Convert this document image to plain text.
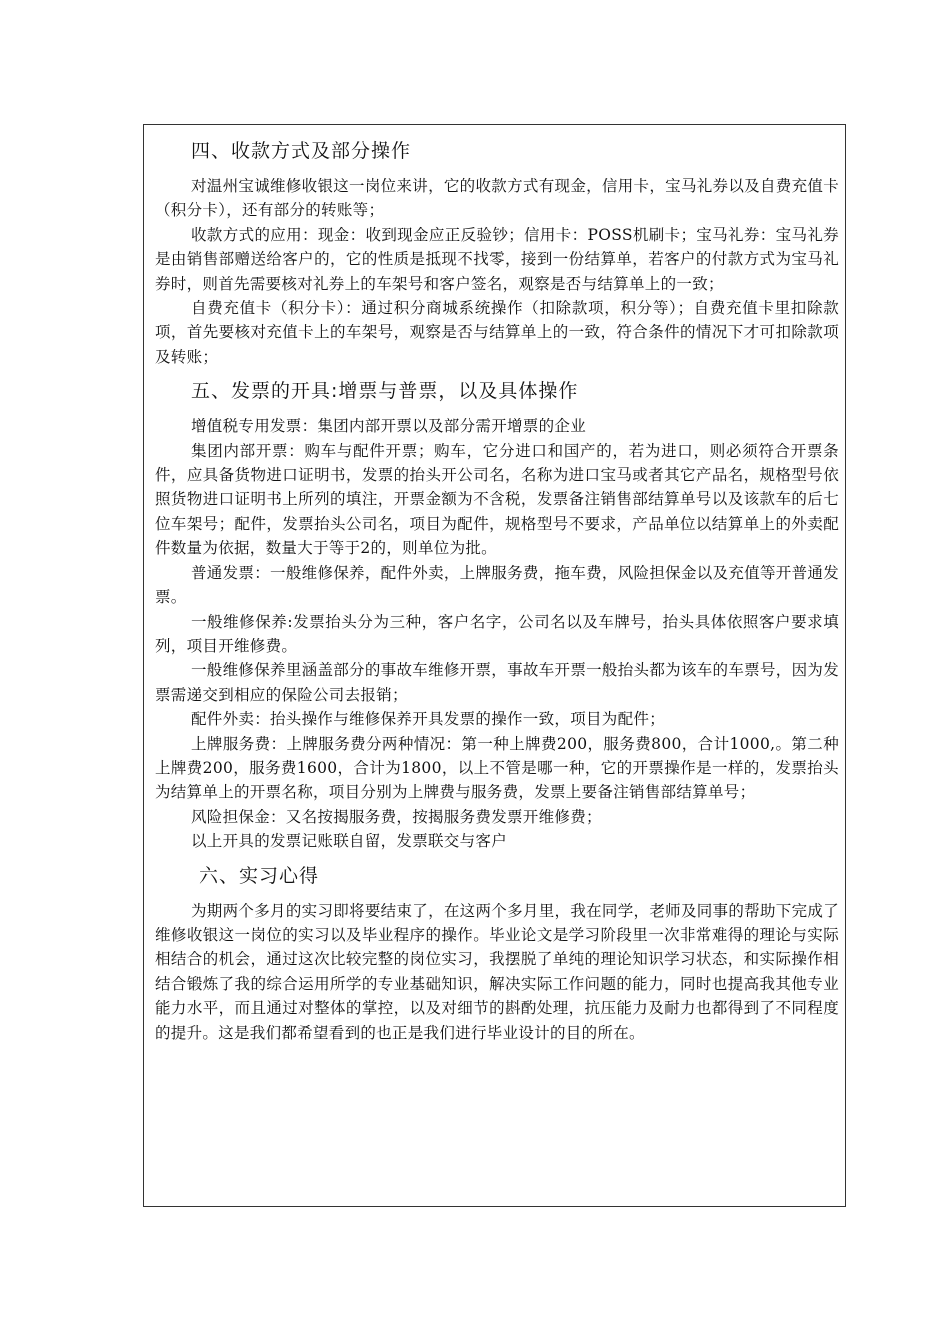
四、收款方式及部分操作

对温州宝诚维修收银这一岗位来讲，它的收款方式有现金，信用卡，宝马礼券以及自费充值卡（积分卡），还有部分的转账等；

收款方式的应用：现金：收到现金应正反验钞；信用卡：POSS机刷卡；宝马礼券：宝马礼券是由销售部赠送给客户的，它的性质是抵现不找零，接到一份结算单，若客户的付款方式为宝马礼券时，则首先需要核对礼券上的车架号和客户签名，观察是否与结算单上的一致；

自费充值卡（积分卡）：通过积分商城系统操作（扣除款项，积分等）；自费充值卡里扣除款项，首先要核对充值卡上的车架号，观察是否与结算单上的一致，符合条件的情况下才可扣除款项及转账；

五、发票的开具:增票与普票，以及具体操作

增值税专用发票：集团内部开票以及部分需开增票的企业

集团内部开票：购车与配件开票；购车，它分进口和国产的，若为进口，则必须符合开票条件，应具备货物进口证明书，发票的抬头开公司名，名称为进口宝马或者其它产品名，规格型号依照货物进口证明书上所列的填注，开票金额为不含税，发票备注销售部结算单号以及该款车的后七位车架号；配件，发票抬头公司名，项目为配件，规格型号不要求，产品单位以结算单上的外卖配件数量为依据，数量大于等于2的，则单位为批。

普通发票：一般维修保养，配件外卖，上牌服务费，拖车费，风险担保金以及充值等开普通发票。

一般维修保养:发票抬头分为三种，客户名字，公司名以及车牌号，抬头具体依照客户要求填列，项目开维修费。

一般维修保养里涵盖部分的事故车维修开票，事故车开票一般抬头都为该车的车票号，因为发票需递交到相应的保险公司去报销；

配件外卖：抬头操作与维修保养开具发票的操作一致，项目为配件；

上牌服务费：上牌服务费分两种情况：第一种上牌费200，服务费800，合计1000,。第二种上牌费200，服务费1600，合计为1800，以上不管是哪一种，它的开票操作是一样的，发票抬头为结算单上的开票名称，项目分别为上牌费与服务费，发票上要备注销售部结算单号；

风险担保金：又名按揭服务费，按揭服务费发票开维修费；

以上开具的发票记账联自留，发票联交与客户

六、实习心得

为期两个多月的实习即将要结束了，在这两个多月里，我在同学，老师及同事的帮助下完成了维修收银这一岗位的实习以及毕业程序的操作。毕业论文是学习阶段里一次非常难得的理论与实际相结合的机会，通过这次比较完整的岗位实习，我摆脱了单纯的理论知识学习状态，和实际操作相结合锻炼了我的综合运用所学的专业基础知识，解决实际工作问题的能力，同时也提高我其他专业能力水平，而且通过对整体的掌控，以及对细节的斟酌处理，抗压能力及耐力也都得到了不同程度的提升。这是我们都希望看到的也正是我们进行毕业设计的目的所在。
